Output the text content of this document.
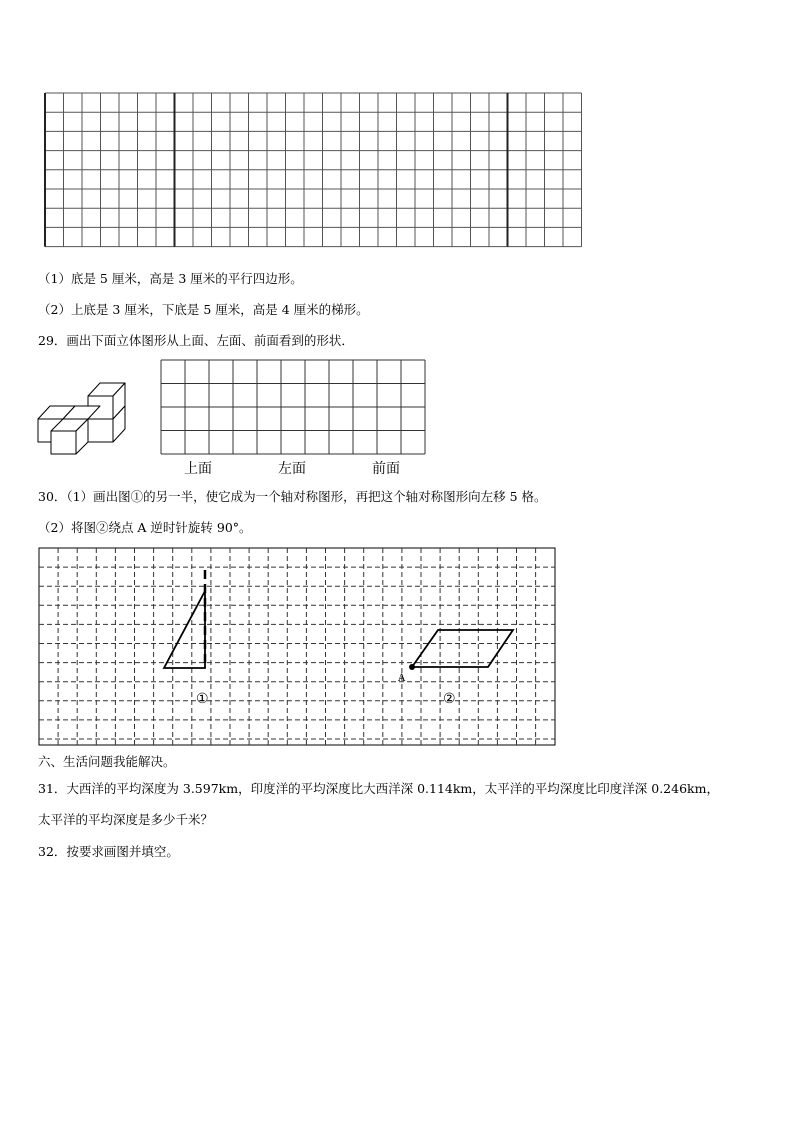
（1）底是 5 厘米，高是 3 厘米的平行四边形。
（2）上底是 3 厘米，下底是 5 厘米，高是 4 厘米的梯形。
29．画出下面立体图形从上面、左面、前面看到的形状．
上面	左面	前面
30．（1）画出图①的另一半，使它成为一个轴对称图形，再把这个轴对称图形向左移 5 格。
（2）将图②绕点 A 逆时针旋转 90°。
①	②
A
六、生活问题我能解决。
31．大西洋的平均深度为 3.597km，印度洋的平均深度比大西洋深 0.114km，太平洋的平均深度比印度洋深 0.246km，
太平洋的平均深度是多少千米？
32．按要求画图并填空。
